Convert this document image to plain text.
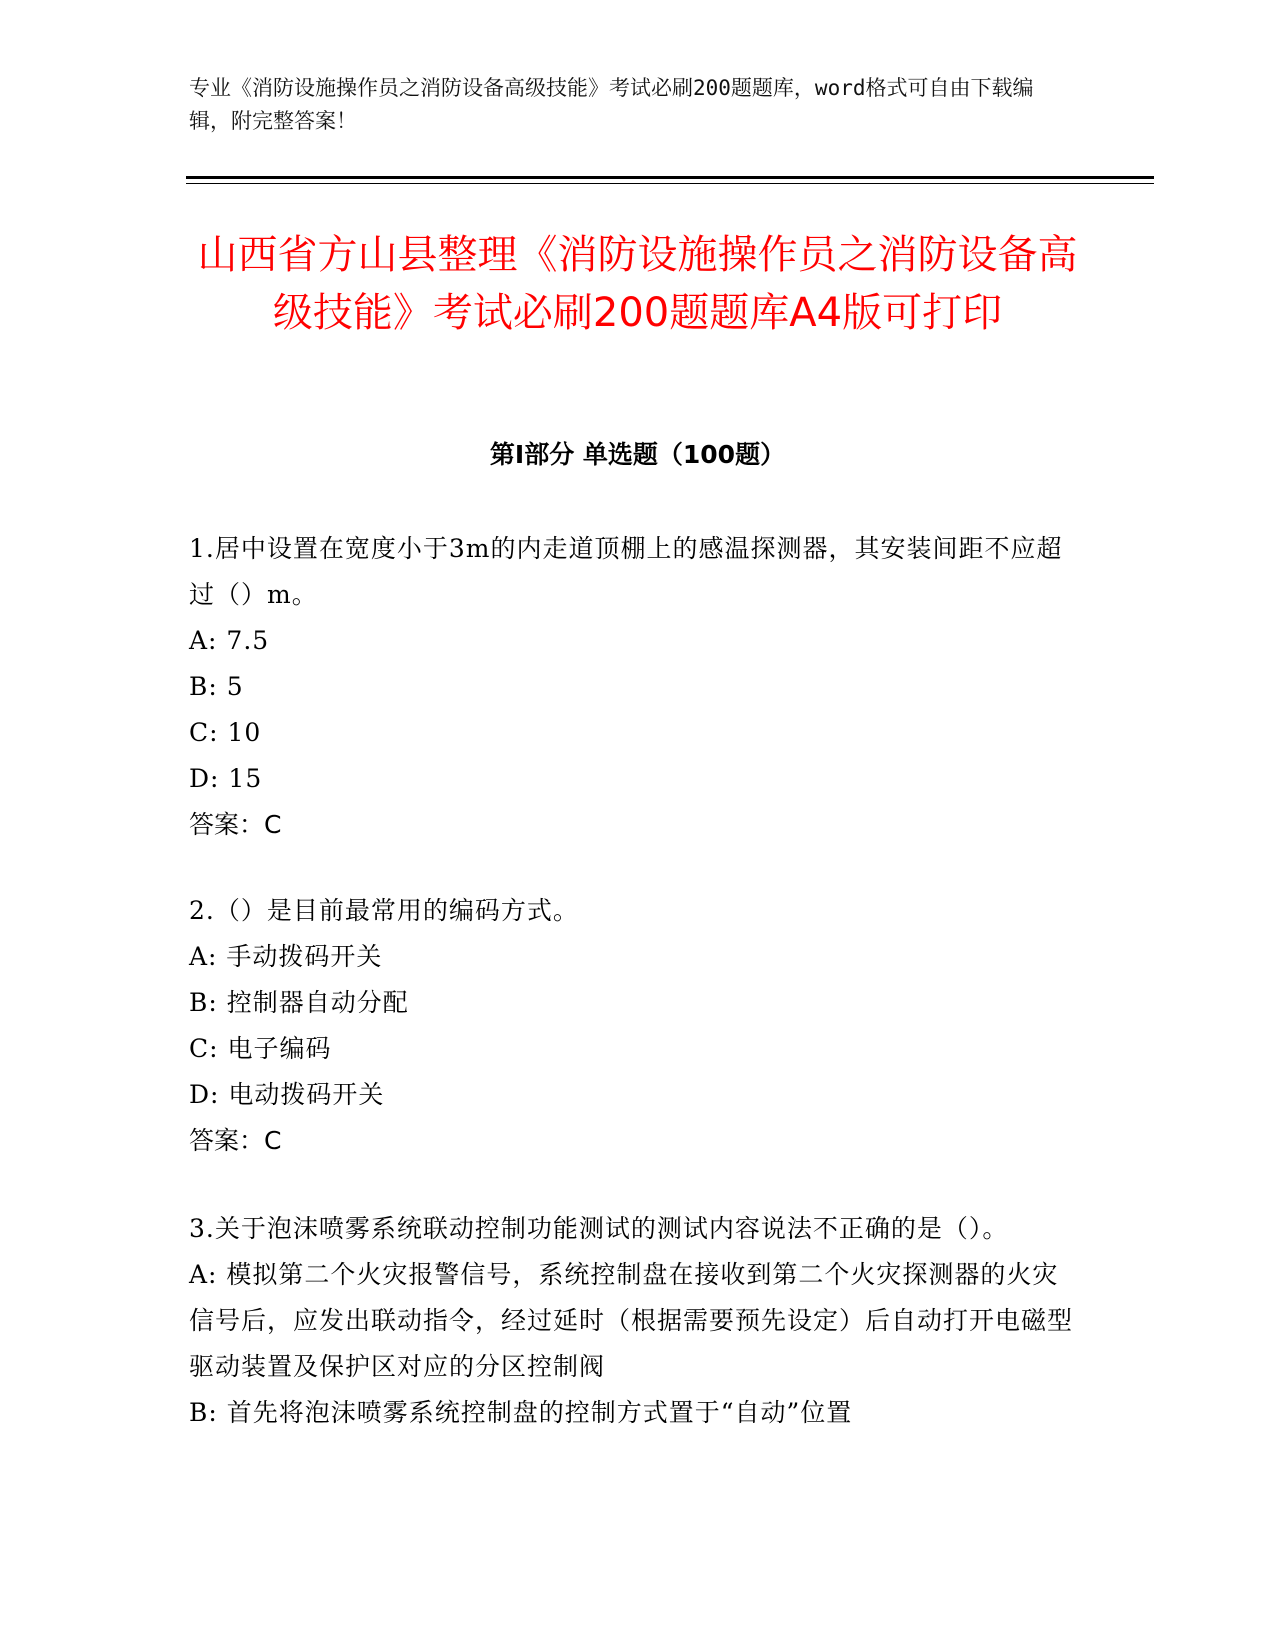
专业《消防设施操作员之消防设备高级技能》考试必刷200题题库，word格式可自由下载编辑，附完整答案！
山西省方山县整理《消防设施操作员之消防设备高级技能》考试必刷200题题库A4版可打印
第Ⅰ部分 单选题（100题）
1.居中设置在宽度小于3m的内走道顶棚上的感温探测器，其安装间距不应超过（）m。
A: 7.5
B: 5
C: 10
D: 15
答案：C
2.（）是目前最常用的编码方式。
A: 手动拨码开关
B: 控制器自动分配
C: 电子编码
D: 电动拨码开关
答案：C
3.关于泡沫喷雾系统联动控制功能测试的测试内容说法不正确的是（）。
A: 模拟第二个火灾报警信号，系统控制盘在接收到第二个火灾探测器的火灾信号后，应发出联动指令，经过延时（根据需要预先设定）后自动打开电磁型驱动装置及保护区对应的分区控制阀
B: 首先将泡沫喷雾系统控制盘的控制方式置于“自动”位置
